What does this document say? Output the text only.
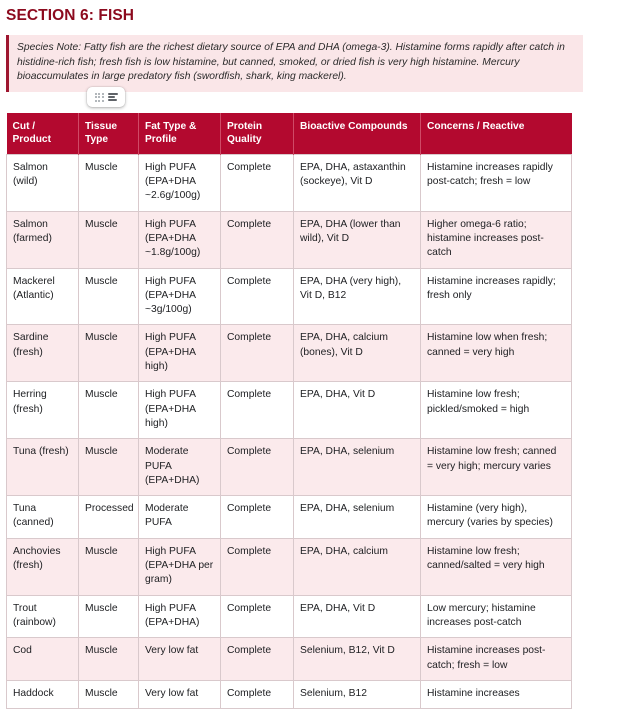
SECTION 6: FISH

Species Note: Fatty fish are the richest dietary source of EPA and DHA (omega-3). Histamine forms rapidly after catch in histidine-rich fish; fresh fish is low histamine, but canned, smoked, or dried fish is very high histamine. Mercury bioaccumulates in large predatory fish (swordfish, shark, king mackerel).

Cut / Product	Tissue Type	Fat Type & Profile	Protein Quality	Bioactive Compounds	Concerns / Reactive
Salmon (wild)	Muscle	High PUFA (EPA+DHA ~2.6g/100g)	Complete	EPA, DHA, astaxanthin (sockeye), Vit D	Histamine increases rapidly post-catch; fresh = low
Salmon (farmed)	Muscle	High PUFA (EPA+DHA ~1.8g/100g)	Complete	EPA, DHA (lower than wild), Vit D	Higher omega-6 ratio; histamine increases post-catch
Mackerel (Atlantic)	Muscle	High PUFA (EPA+DHA ~3g/100g)	Complete	EPA, DHA (very high), Vit D, B12	Histamine increases rapidly; fresh only
Sardine (fresh)	Muscle	High PUFA (EPA+DHA high)	Complete	EPA, DHA, calcium (bones), Vit D	Histamine low when fresh; canned = very high
Herring (fresh)	Muscle	High PUFA (EPA+DHA high)	Complete	EPA, DHA, Vit D	Histamine low fresh; pickled/smoked = high
Tuna (fresh)	Muscle	Moderate PUFA (EPA+DHA)	Complete	EPA, DHA, selenium	Histamine low fresh; canned = very high; mercury varies
Tuna (canned)	Processed	Moderate PUFA	Complete	EPA, DHA, selenium	Histamine (very high), mercury (varies by species)
Anchovies (fresh)	Muscle	High PUFA (EPA+DHA per gram)	Complete	EPA, DHA, calcium	Histamine low fresh; canned/salted = very high
Trout (rainbow)	Muscle	High PUFA (EPA+DHA)	Complete	EPA, DHA, Vit D	Low mercury; histamine increases post-catch
Cod	Muscle	Very low fat	Complete	Selenium, B12, Vit D	Histamine increases post-catch; fresh = low
Haddock	Muscle	Very low fat	Complete	Selenium, B12	Histamine increases
